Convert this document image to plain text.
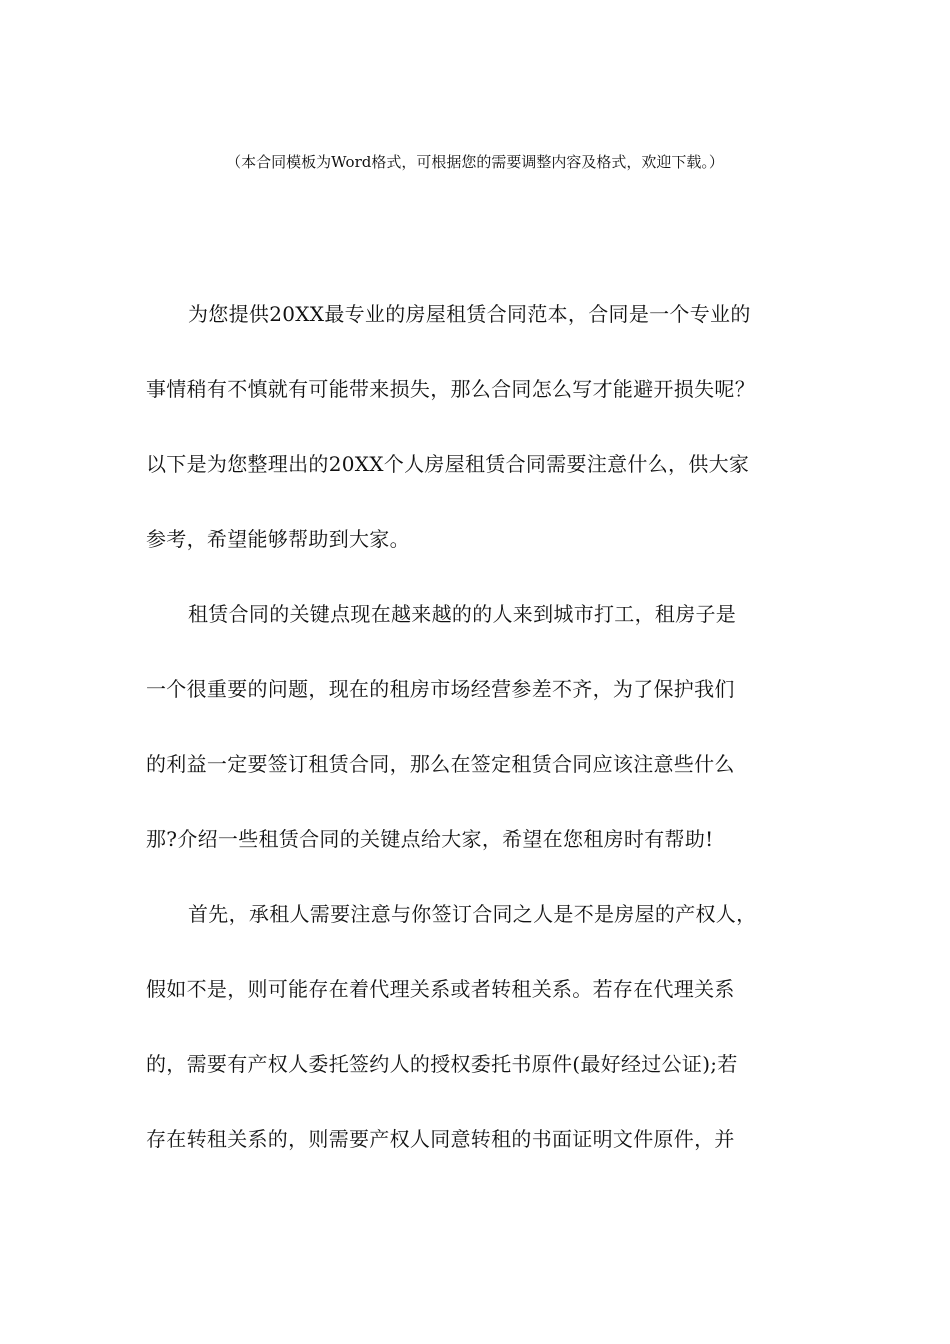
（本合同模板为Word格式，可根据您的需要调整内容及格式，欢迎下载。）
为您提供20XX最专业的房屋租赁合同范本，合同是一个专业的
事情稍有不慎就有可能带来损失，那么合同怎么写才能避开损失呢？
以下是为您整理出的20XX个人房屋租赁合同需要注意什么，供大家
参考，希望能够帮助到大家。
租赁合同的关键点现在越来越的的人来到城市打工，租房子是
一个很重要的问题，现在的租房市场经营参差不齐，为了保护我们
的利益一定要签订租赁合同，那么在签定租赁合同应该注意些什么
那?介绍一些租赁合同的关键点给大家，希望在您租房时有帮助!
首先，承租人需要注意与你签订合同之人是不是房屋的产权人，
假如不是，则可能存在着代理关系或者转租关系。若存在代理关系
的，需要有产权人委托签约人的授权委托书原件(最好经过公证);若
存在转租关系的，则需要产权人同意转租的书面证明文件原件，并
